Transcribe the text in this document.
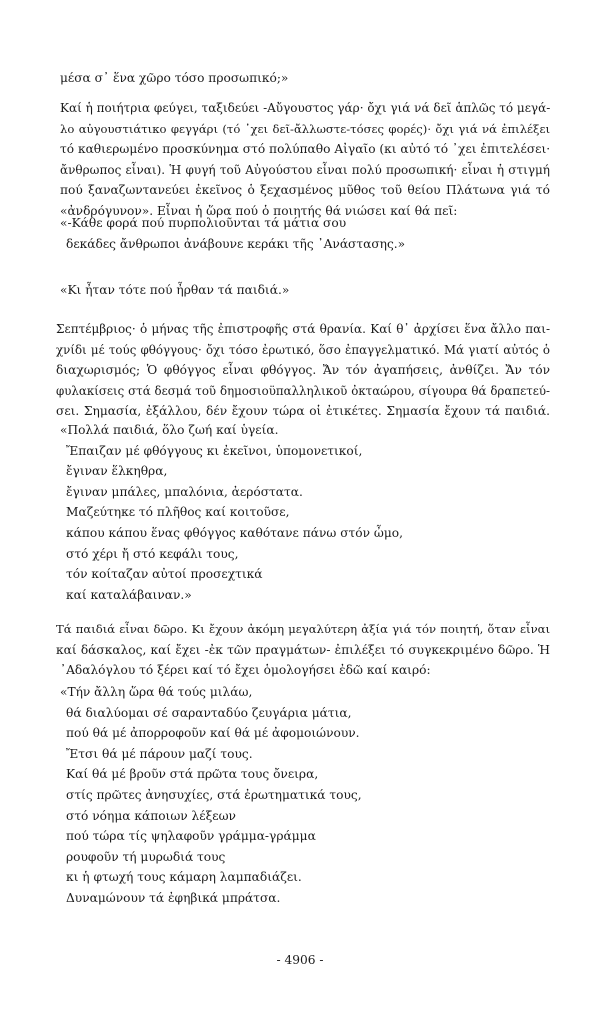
μέσα σ᾽ ἕνα χῶρο τόσο προσωπικό;»
Καί ἡ ποιήτρια φεύγει, ταξιδεύει -Αὔγουστος γάρ· ὄχι γιά νά δεῖ ἁπλῶς τό μεγά-
λο αὐγουστιάτικο φεγγάρι (τό ᾽χει δεῖ-ἄλλωστε-τόσες φορές)· ὄχι γιά νά ἐπιλέξει
τό καθιερωμένο προσκύνημα στό πολύπαθο Αἰγαῖο (κι αὐτό τό ᾽χει ἐπιτελέσει·
ἄνθρωπος εἶναι). Ἡ φυγή τοῦ Αὐγούστου εἶναι πολύ προσωπική· εἶναι ἡ στιγμή
πού ξαναζωντανεύει ἐκεῖνος ὁ ξεχασμένος μῦθος τοῦ θείου Πλάτωνα γιά τό
«ἀνδρόγυνον». Εἶναι ἡ ὥρα πού ὁ ποιητής θά νιώσει καί θά πεῖ:
«-Κάθε φορά πού πυρπολιοῦνται τά μάτια σου
δεκάδες ἄνθρωποι ἀνάβουνε κεράκι τῆς ᾽Ανάστασης.»
«Κι ἦταν τότε πού ἦρθαν τά παιδιά.»
Σεπτέμβριος· ὁ μήνας τῆς ἐπιστροφῆς στά θρανία. Καί θ᾽ ἀρχίσει ἕνα ἄλλο παι-
χνίδι μέ τούς φθόγγους· ὄχι τόσο ἐρωτικό, ὅσο ἐπαγγελματικό. Μά γιατί αὐτός ὁ
διαχωρισμός; Ὁ φθόγγος εἶναι φθόγγος. Ἄν τόν ἀγαπήσεις, ἀνθίζει. Ἄν τόν
φυλακίσεις στά δεσμά τοῦ δημοσιοϋπαλληλικοῦ ὀκταώρου, σίγουρα θά δραπετεύ-
σει. Σημασία, ἐξάλλου, δέν ἔχουν τώρα οἱ ἐτικέτες. Σημασία ἔχουν τά παιδιά.
«Πολλά παιδιά, ὅλο ζωή καί ὑγεία.
Ἔπαιζαν μέ φθόγγους κι ἐκεῖνοι, ὑπομονετικοί,
ἔγιναν ἕλκηθρα,
ἔγιναν μπάλες, μπαλόνια, ἀερόστατα.
Μαζεύτηκε τό πλῆθος καί κοιτοῦσε,
κάπου κάπου ἕνας φθόγγος καθότανε πάνω στόν ὦμο,
στό χέρι ἤ στό κεφάλι τους,
τόν κοίταζαν αὐτοί προσεχτικά
καί καταλάβαιναν.»
Τά παιδιά εἶναι δῶρο. Κι ἔχουν ἀκόμη μεγαλύτερη ἀξία γιά τόν ποιητή, ὅταν εἶναι
καί δάσκαλος, καί ἔχει -ἐκ τῶν πραγμάτων- ἐπιλέξει τό συγκεκριμένο δῶρο. Ἡ
᾽Αδαλόγλου τό ξέρει καί τό ἔχει ὁμολογήσει ἐδῶ καί καιρό:
«Τήν ἄλλη ὥρα θά τούς μιλάω,
θά διαλύομαι σέ σαρανταδύο ζευγάρια μάτια,
πού θά μέ ἀπορροφοῦν καί θά μέ ἀφομοιώνουν.
Ἔτσι θά μέ πάρουν μαζί τους.
Καί θά μέ βροῦν στά πρῶτα τους ὄνειρα,
στίς πρῶτες ἀνησυχίες, στά ἐρωτηματικά τους,
στό νόημα κάποιων λέξεων
πού τώρα τίς ψηλαφοῦν γράμμα-γράμμα
ρουφοῦν τή μυρωδιά τους
κι ἡ φτωχή τους κάμαρη λαμπαδιάζει.
Δυναμώνουν τά ἐφηβικά μπράτσα.
- 4906 -
